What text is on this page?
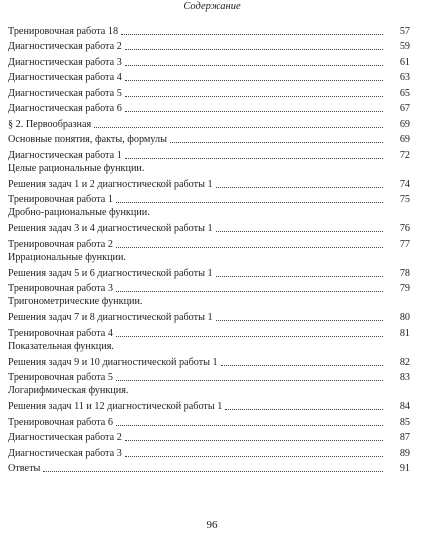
Содержание
Тренировочная работа 18	57
Диагностическая работа 2	59
Диагностическая работа 3	61
Диагностическая работа 4	63
Диагностическая работа 5	65
Диагностическая работа 6	67
§ 2. Первообразная	69
Основные понятия, факты, формулы	69
Диагностическая работа 1	72
Целые рациональные функции.
Решения задач 1 и 2 диагностической работы 1	74
Тренировочная работа 1	75
Дробно-рациональные функции.
Решения задач 3 и 4 диагностической работы 1	76
Тренировочная работа 2	77
Иррациональные функции.
Решения задач 5 и 6 диагностической работы 1	78
Тренировочная работа 3	79
Тригонометрические функции.
Решения задач 7 и 8 диагностической работы 1	80
Тренировочная работа 4	81
Показательная функция.
Решения задач 9 и 10 диагностической работы 1	82
Тренировочная работа 5	83
Логарифмическая функция.
Решения задач 11 и 12 диагностической работы 1	84
Тренировочная работа 6	85
Диагностическая работа 2	87
Диагностическая работа 3	89
Ответы	91
96
